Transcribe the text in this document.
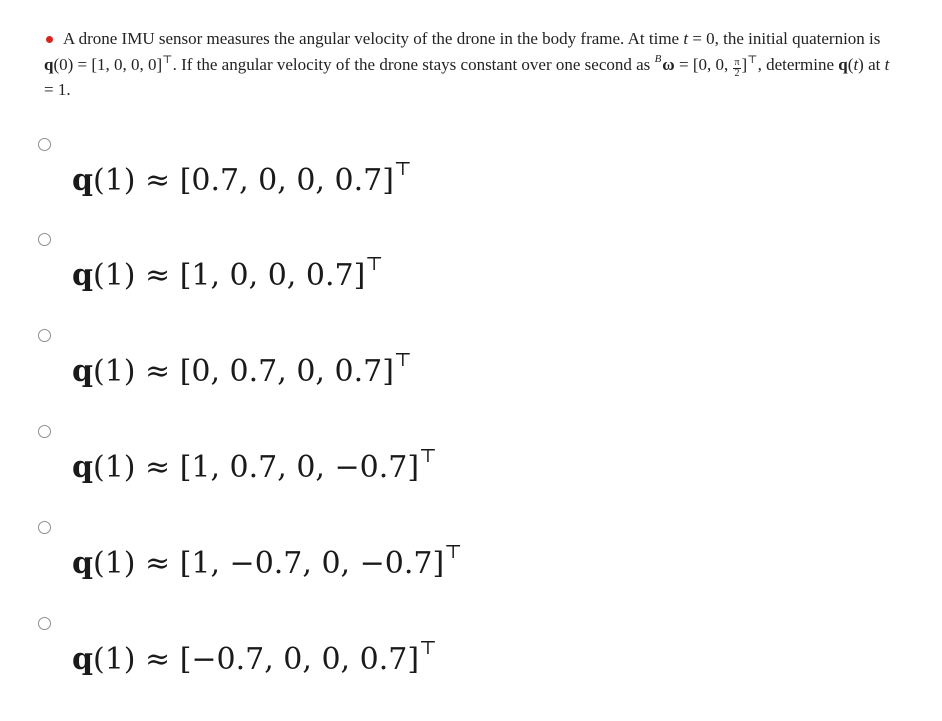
A drone IMU sensor measures the angular velocity of the drone in the body frame. At time t = 0, the initial quaternion is q(0) = [1, 0, 0, 0]⊤. If the angular velocity of the drone stays constant over one second as $^B$ω = [0, 0, $\frac{\pi}{2} ]^⊤$, determine q(t) at t = 1.
q(1) ≈ [0.7, 0, 0, 0.7]⊤
q(1) ≈ [1, 0, 0, 0.7]⊤
q(1) ≈ [0, 0.7, 0, 0.7]⊤
q(1) ≈ [1, 0.7, 0, −0.7]⊤
q(1) ≈ [1, −0.7, 0, −0.7]⊤
q(1) ≈ [−0.7, 0, 0, 0.7]⊤
